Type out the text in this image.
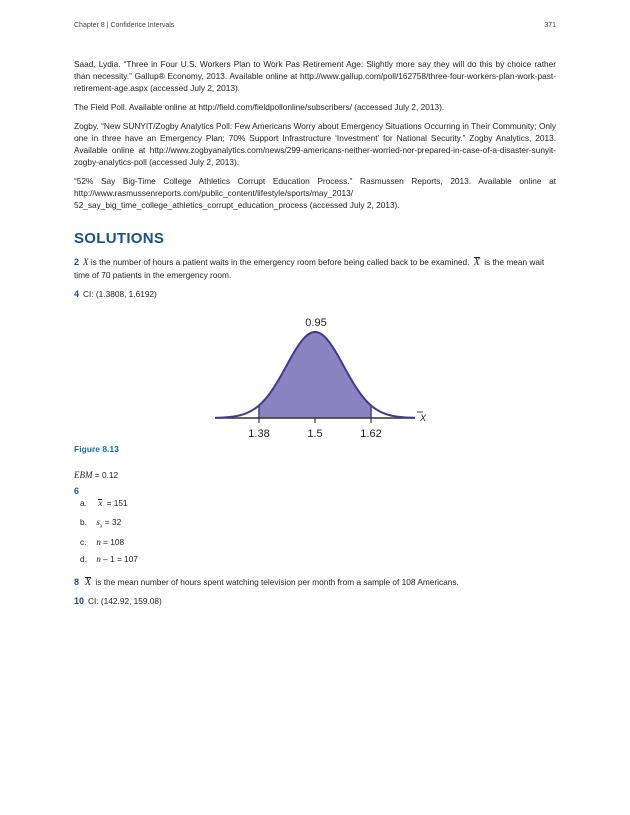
Chapter 8 | Confidence Intervals	371

Saad, Lydia. “Three in Four U.S. Workers Plan to Work Pas Retirement Age: Slightly more say they will do this by choice rather than necessity.” Gallup® Economy, 2013. Available online at http://www.gallup.com/poll/162758/three-four-workers-plan-work-past-retirement-age.aspx (accessed July 2, 2013).

The Field Poll. Available online at http://field.com/fieldpollonline/subscribers/ (accessed July 2, 2013).

Zogby. “New SUNYIT/Zogby Analytics Poll: Few Americans Worry about Emergency Situations Occurring in Their Community; Only one in three have an Emergency Plan; 70% Support Infrastructure ‘Investment’ for National Security.” Zogby Analytics, 2013. Available online at http://www.zogbyanalytics.com/news/299-americans-neither-worried-nor-prepared-in-case-of-a-disaster-sunyit-zogby-analytics-poll (accessed July 2, 2013).

“52% Say Big-Time College Athletics Corrupt Education Process.” Rasmussen Reports, 2013. Available online at http://www.rasmussenreports.com/public_content/lifestyle/sports/may_2013/ 52_say_big_time_college_athletics_corrupt_education_process (accessed July 2, 2013).

SOLUTIONS
2 X is the number of hours a patient waits in the emergency room before being called back to be examined. X is the mean wait time of 70 patients in the emergency room.
4 CI: (1.3808, 1.6192)
0.95
X
1.38	1.5	1.62
Figure 8.13
EBM = 0.12
6
a. x = 151
b. $s_x = 32$
c. n = 108
d. n – 1 = 107
8 X is the mean number of hours spent watching television per month from a sample of 108 Americans.
10 CI: (142.92, 159.08)
